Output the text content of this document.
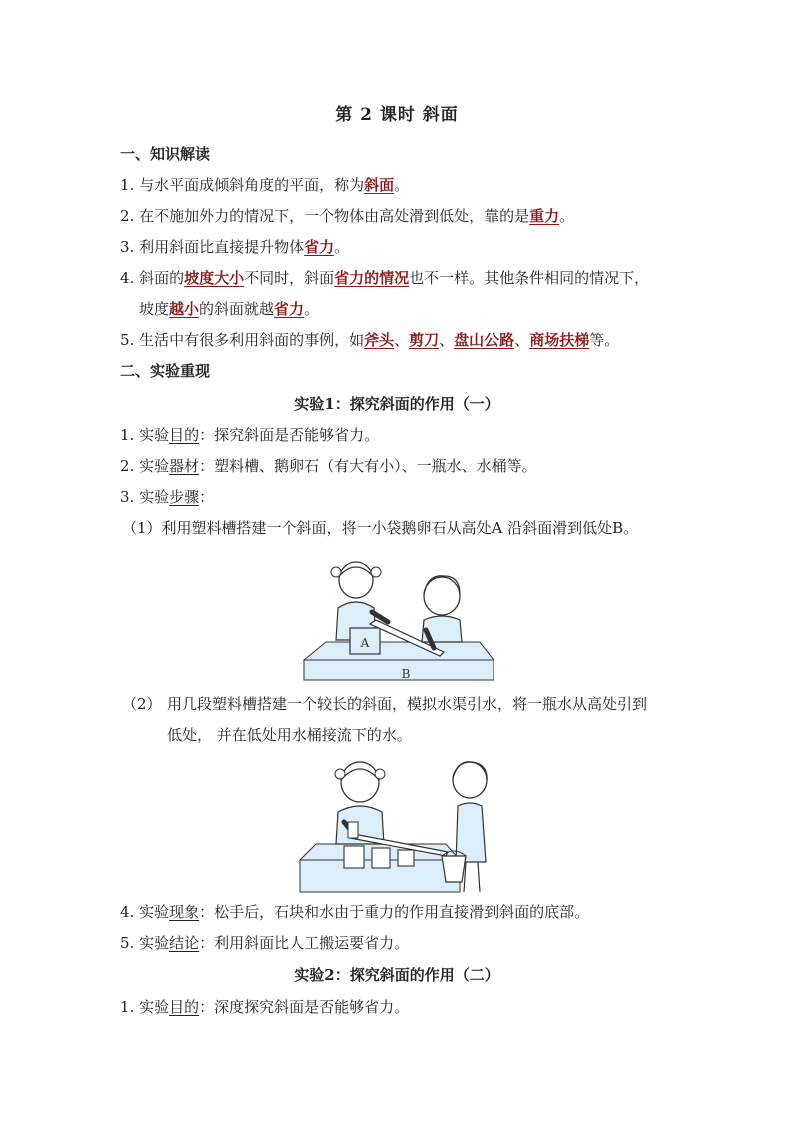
第 2 课时 斜面
一、知识解读
1. 与水平面成倾斜角度的平面，称为斜面。
2. 在不施加外力的情况下，一个物体由高处滑到低处，靠的是重力。
3. 利用斜面比直接提升物体省力。
4. 斜面的坡度大小不同时，斜面省力的情况也不一样。其他条件相同的情况下，
坡度越小的斜面就越省力。
5. 生活中有很多利用斜面的事例，如斧头、剪刀、盘山公路、商场扶梯等。
二、实验重现
实验1：探究斜面的作用（一）
1. 实验目的：探究斜面是否能够省力。
2. 实验器材：塑料槽、鹅卵石（有大有小）、一瓶水、水桶等。
3. 实验步骤：
（1）利用塑料槽搭建一个斜面，将一小袋鹅卵石从高处A 沿斜面滑到低处B。
A
B
（2） 用几段塑料槽搭建一个较长的斜面，模拟水渠引水，将一瓶水从高处引到
低处， 并在低处用水桶接流下的水。
4. 实验现象：松手后，石块和水由于重力的作用直接滑到斜面的底部。
5. 实验结论：利用斜面比人工搬运要省力。
实验2：探究斜面的作用（二）
1. 实验目的：深度探究斜面是否能够省力。
